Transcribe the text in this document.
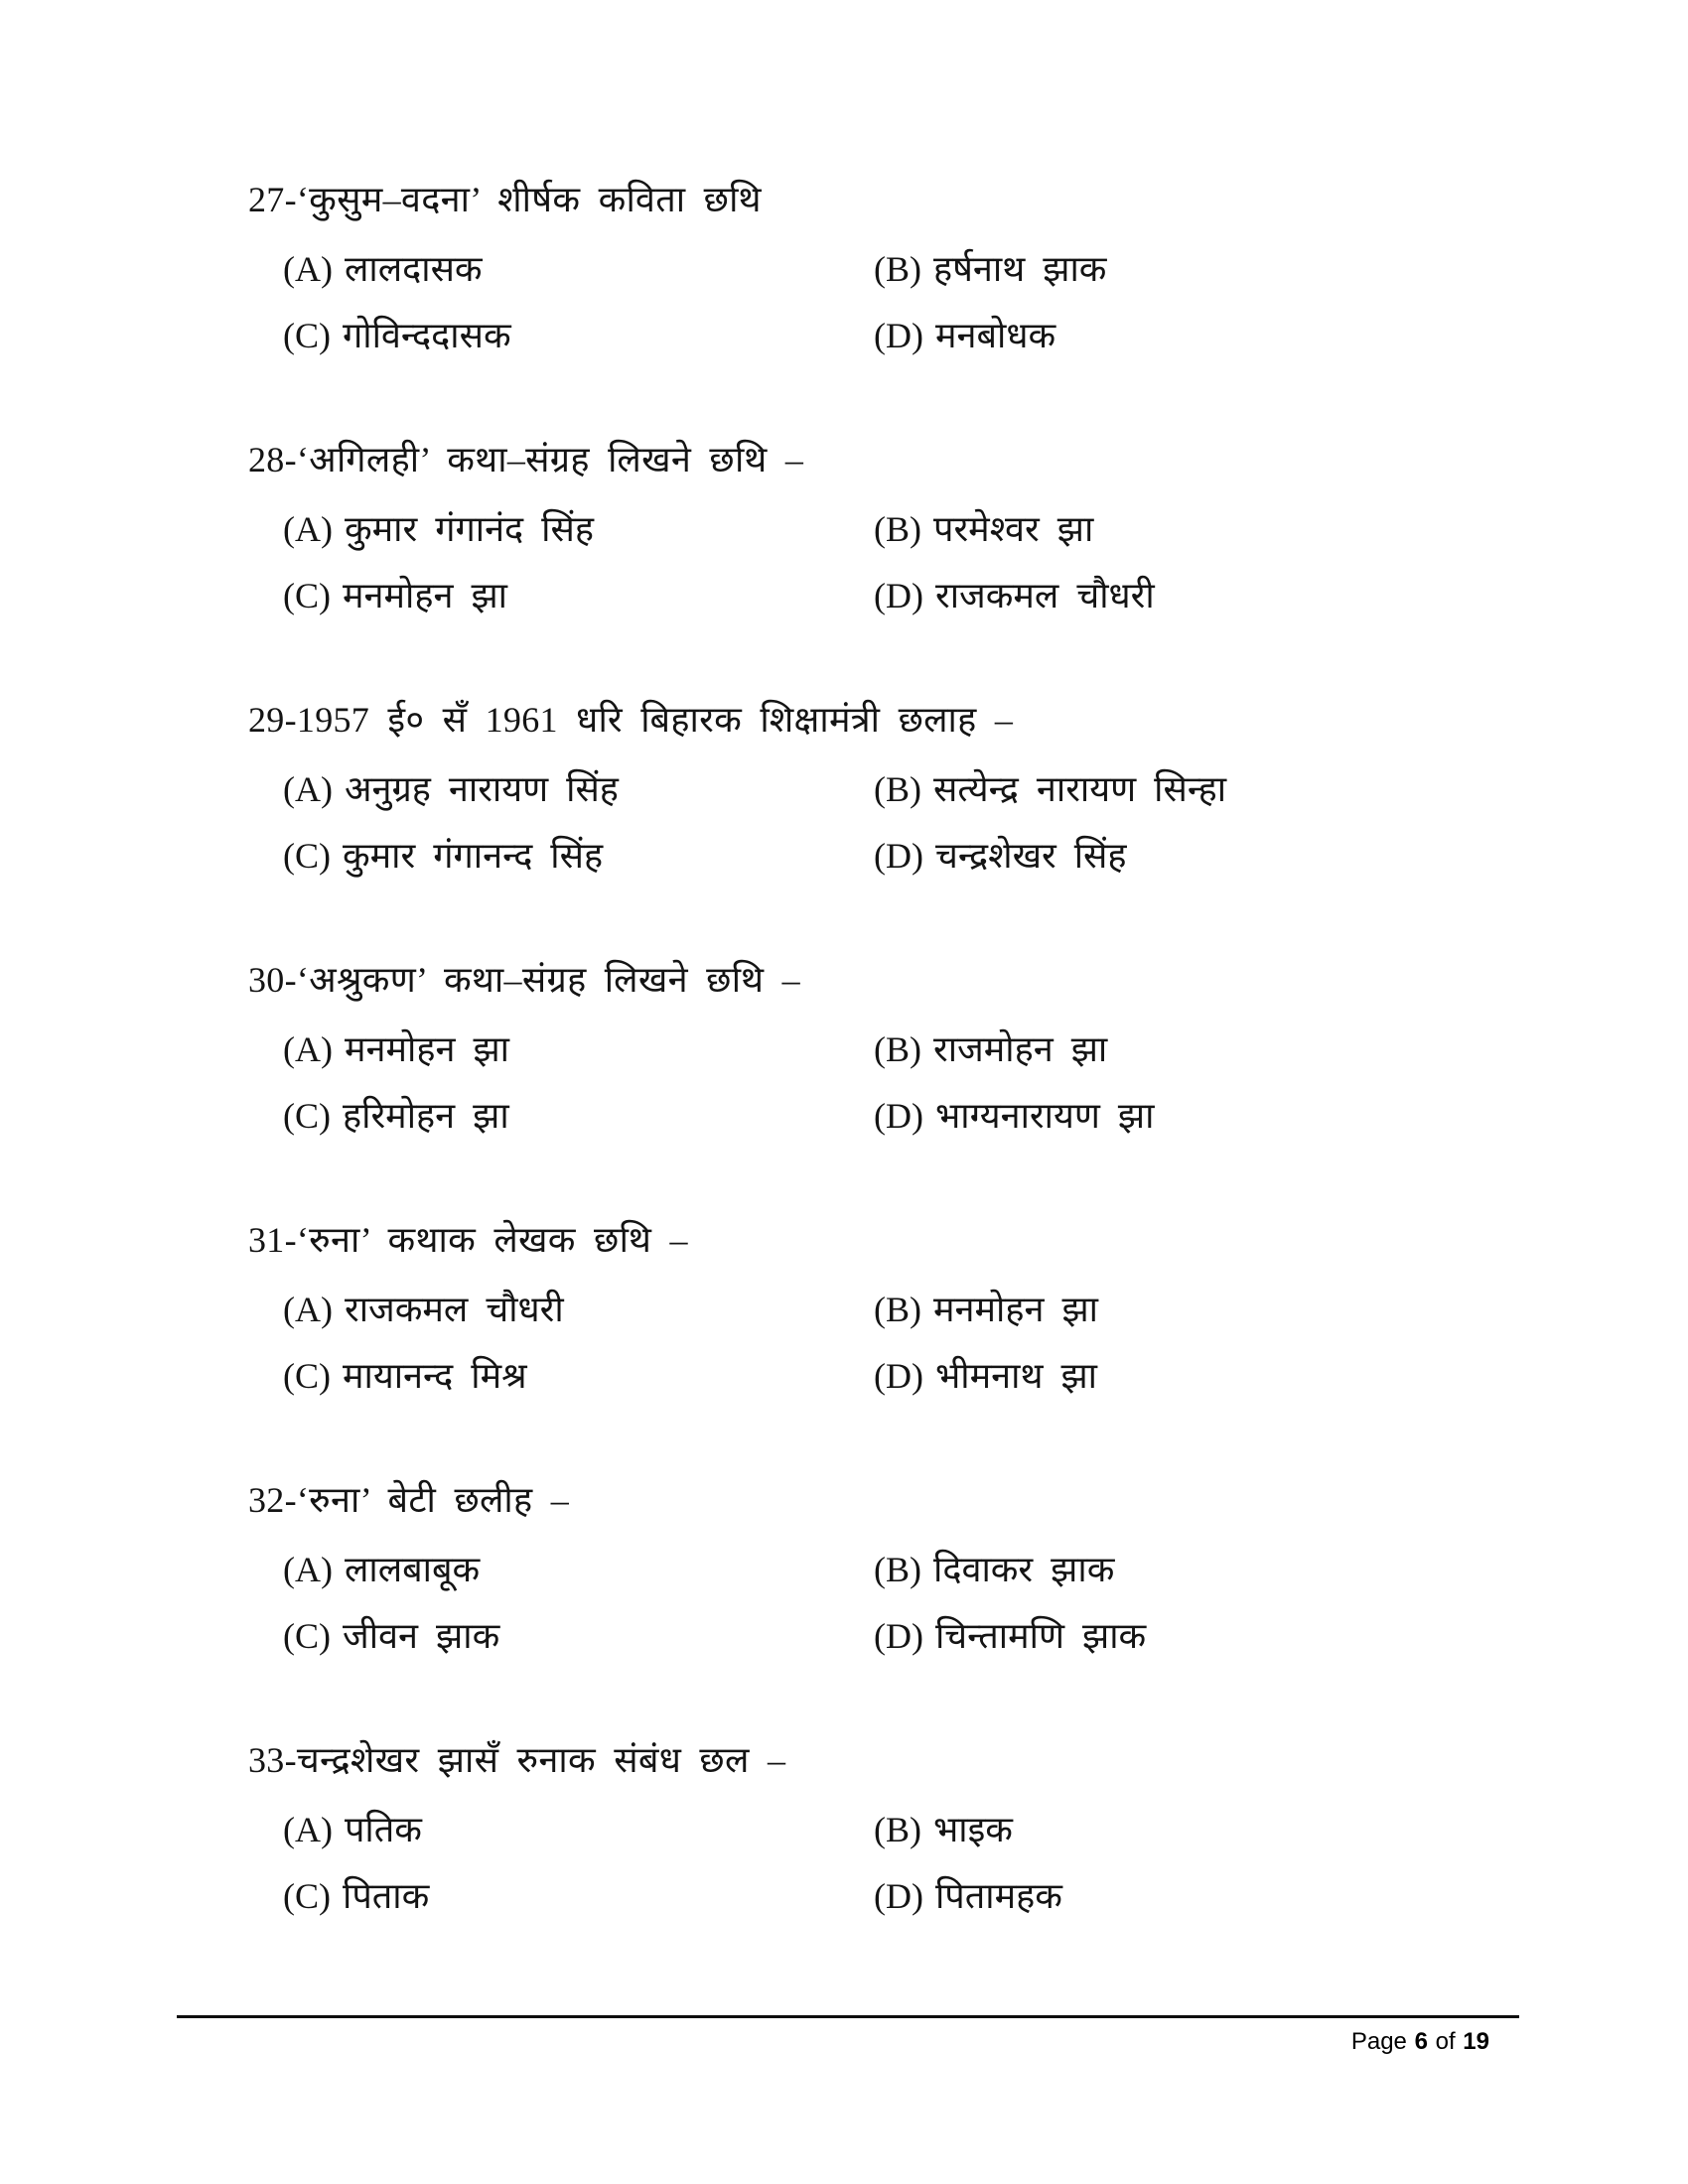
27-‘कुसुम–वदना’ शीर्षक कविता छथि
(A) लालदासक	(B) हर्षनाथ झाक
(C) गोविन्ददासक	(D) मनबोधक
28-‘अगिलही’ कथा–संग्रह लिखने छथि –
(A) कुमार गंगानंद सिंह	(B) परमेश्वर झा
(C) मनमोहन झा	(D) राजकमल चौधरी
29-1957 ई० सँ 1961 धरि बिहारक शिक्षामंत्री छलाह –
(A) अनुग्रह नारायण सिंह	(B) सत्येन्द्र नारायण सिन्हा
(C) कुमार गंगानन्द सिंह	(D) चन्द्रशेखर सिंह
30-‘अश्रुकण’ कथा–संग्रह लिखने छथि –
(A) मनमोहन झा	(B) राजमोहन झा
(C) हरिमोहन झा	(D) भाग्यनारायण झा
31-‘रुना’ कथाक लेखक छथि –
(A) राजकमल चौधरी	(B) मनमोहन झा
(C) मायानन्द मिश्र	(D) भीमनाथ झा
32-‘रुना’ बेटी छलीह –
(A) लालबाबूक	(B) दिवाकर झाक
(C) जीवन झाक	(D) चिन्तामणि झाक
33-चन्द्रशेखर झासँ रुनाक संबंध छल –
(A) पतिक	(B) भाइक
(C) पिताक	(D) पितामहक
Page 6 of 19
